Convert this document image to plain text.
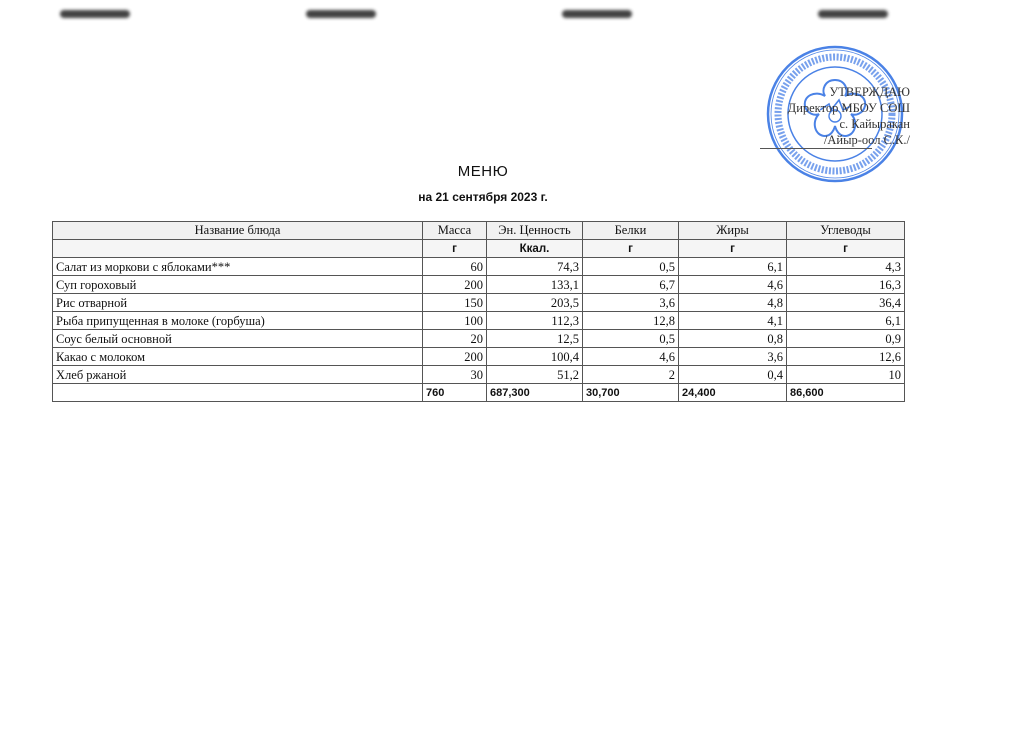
УТВЕРЖДАЮ
Директор МБОУ СОШ
с. Кайыракан
/Айыр-оол С.К./
МЕНЮ
на 21 сентября 2023 г.
Название блюда	Масса	Эн. Ценность	Белки	Жиры	Углеводы
	г	Ккал.	г	г	г
Салат из моркови с яблоками***	60	74,3	0,5	6,1	4,3
Суп гороховый	200	133,1	6,7	4,6	16,3
Рис отварной	150	203,5	3,6	4,8	36,4
Рыба припущенная в молоке (горбуша)	100	112,3	12,8	4,1	6,1
Соус белый основной	20	12,5	0,5	0,8	0,9
Какао с молоком	200	100,4	4,6	3,6	12,6
Хлеб ржаной	30	51,2	2	0,4	10
	760	687,300	30,700	24,400	86,600
